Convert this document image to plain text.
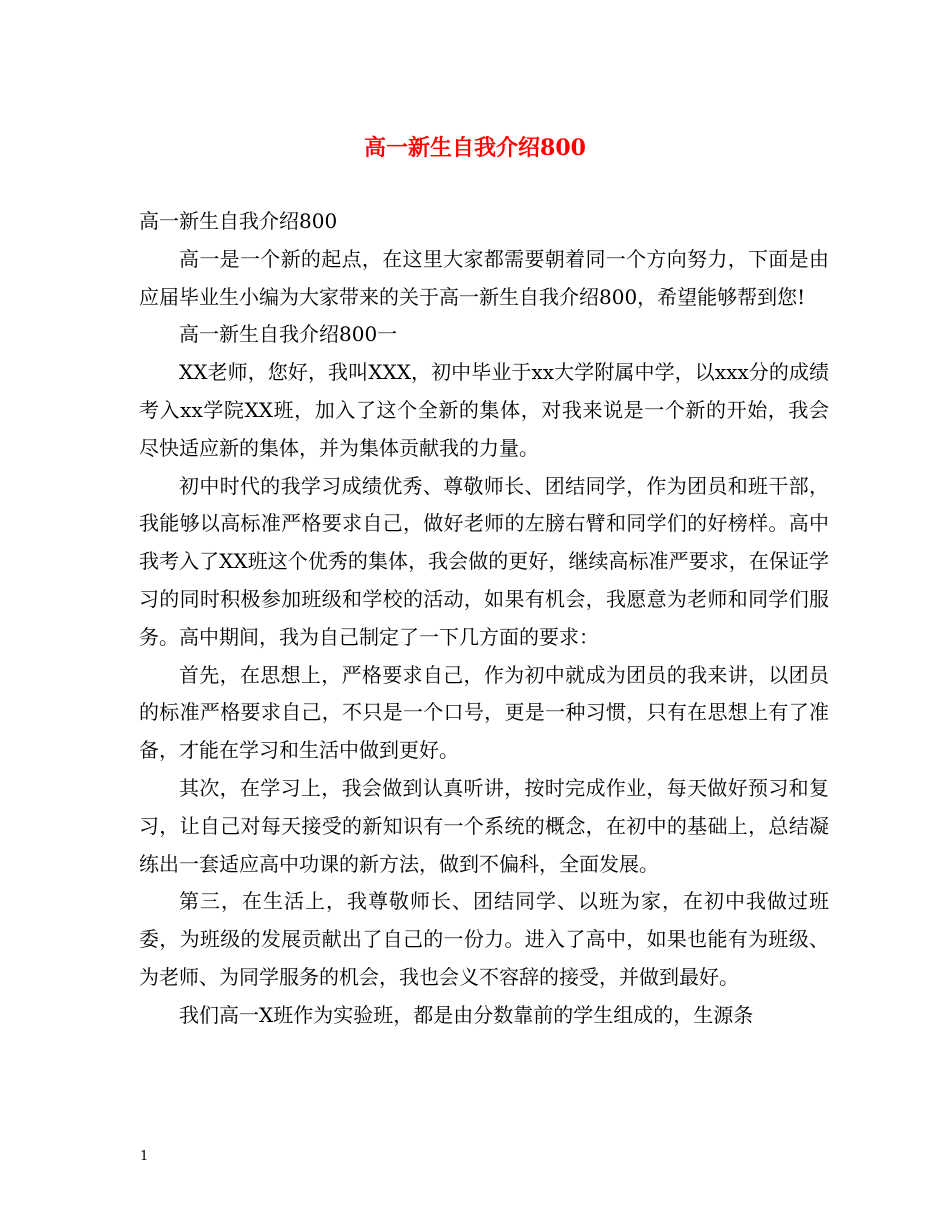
高一新生自我介绍800

高一新生自我介绍800

高一是一个新的起点，在这里大家都需要朝着同一个方向努力，下面是由应届毕业生小编为大家带来的关于高一新生自我介绍800，希望能够帮到您!

高一新生自我介绍800一

XX老师，您好，我叫XXX，初中毕业于xx大学附属中学，以xxx分的成绩考入xx学院XX班，加入了这个全新的集体，对我来说是一个新的开始，我会尽快适应新的集体，并为集体贡献我的力量。

初中时代的我学习成绩优秀、尊敬师长、团结同学，作为团员和班干部，我能够以高标准严格要求自己，做好老师的左膀右臂和同学们的好榜样。高中我考入了XX班这个优秀的集体，我会做的更好，继续高标准严要求，在保证学习的同时积极参加班级和学校的活动，如果有机会，我愿意为老师和同学们服务。高中期间，我为自己制定了一下几方面的要求：

首先，在思想上，严格要求自己，作为初中就成为团员的我来讲，以团员的标准严格要求自己，不只是一个口号，更是一种习惯，只有在思想上有了准备，才能在学习和生活中做到更好。

其次，在学习上，我会做到认真听讲，按时完成作业，每天做好预习和复习，让自己对每天接受的新知识有一个系统的概念，在初中的基础上，总结凝练出一套适应高中功课的新方法，做到不偏科，全面发展。

第三，在生活上，我尊敬师长、团结同学、以班为家，在初中我做过班委，为班级的发展贡献出了自己的一份力。进入了高中，如果也能有为班级、为老师、为同学服务的机会，我也会义不容辞的接受，并做到最好。

我们高一X班作为实验班，都是由分数靠前的学生组成的，生源条

1
